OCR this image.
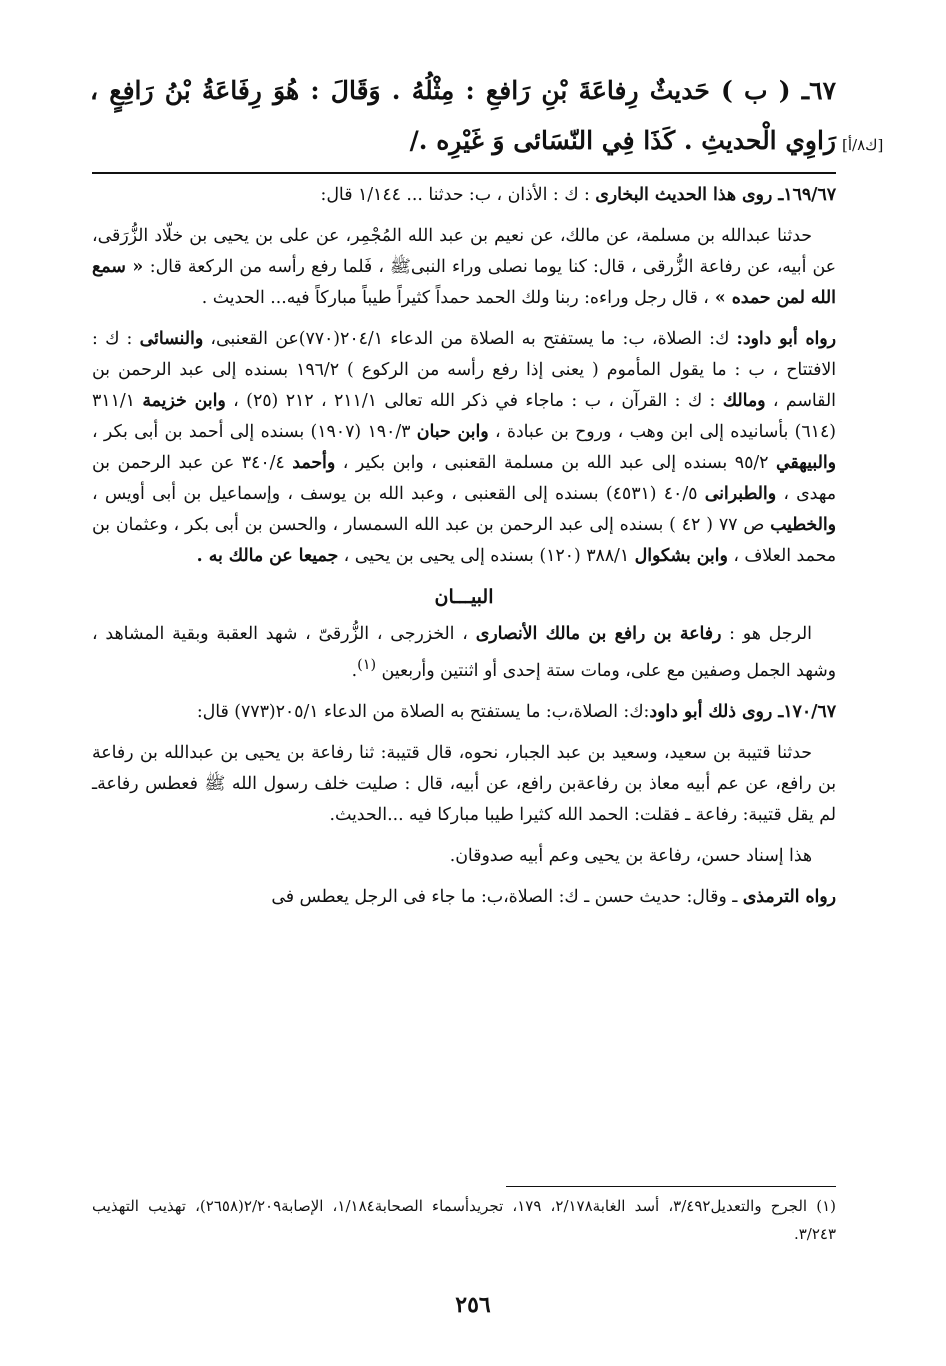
[ك٨/أ]
٦٧ـ ( ب ) حَديثٌ رِفاعَةَ بْنِ رَافعِ : مِثْلُهُ . وَقَالَ : هُوَ رِفَاعَةُ بْنُ رَافِعٍ ، رَاوِي الْحديثِ . كَذَا فِي النّسَائى وَ غَيْرِه ./

١٦٩/٦٧ـ روى هذا الحديث البخارى : ك : الأذان ، ب: حدثنا ... ١/١٤٤ قال:

حدثنا عبدالله بن مسلمة، عن مالك، عن نعيم بن عبد الله المُجْمِر، عن على بن يحيى بن خلّاد الزُّرَقى، عن أبيه، عن رفاعة الزُّرقى ، قال: كنا يوما نصلى وراء النبىﷺ ، فَلما رفع رأسه من الركعة قال: « سمع الله لمن حمده » ، قال رجل وراءه: ربنا ولك الحمد حمداً كثيراً طيباً مباركاً فيه... الحديث .

رواه أبو داود: ك: الصلاة، ب: ما يستفتح به الصلاة من الدعاء ٢٠٤/١(٧٧٠)عن القعنبى، والنسائى : ك : الافتتاح ، ب : ما يقول المأموم ( يعنى إذا رفع رأسه من الركوع ) ١٩٦/٢ بسنده إلى عبد الرحمن بن القاسم ، ومالك : ك : القرآن ، ب : ماجاء في ذكر الله تعالى ٢١١/١ ، ٢١٢ (٢٥) ، وابن خزيمة ٣١١/١ (٦١٤) بأسانيده إلى ابن وهب ، وروح بن عبادة ، وابن حبان ١٩٠/٣ (١٩٠٧) بسنده إلى أحمد بن أبى بكر ، والبيهقي ٩٥/٢ بسنده إلى عبد الله بن مسلمة القعنبى ، وابن بكير ، وأحمد ٣٤٠/٤ عن عبد الرحمن بن مهدى ، والطبرانى ٤٠/٥ (٤٥٣١) بسنده إلى القعنبى ، وعبد الله بن يوسف ، وإسماعيل بن أبى أويس ، والخطيب ص ٧٧ ( ٤٢ ) بسنده إلى عبد الرحمن بن عبد الله السمسار ، والحسن بن أبى بكر ، وعثمان بن محمد العلاف ، وابن بشكوال ٣٨٨/١ (١٢٠) بسنده إلى يحيى بن يحيى ، جميعا عن مالك به .

البيـــان

الرجل هو : رفاعة بن رافع بن مالك الأنصارى ، الخزرجى ، الزُّرقىّ ، شهد العقبة وبقية المشاهد ، وشهد الجمل وصفين مع على، ومات ستة إحدى أو اثنتين وأربعين $^{(١)}$.

١٧٠/٦٧ـ روى ذلك أبو داود:ك: الصلاة،ب: ما يستفتح به الصلاة من الدعاء ٢٠٥/١(٧٧٣) قال:

حدثنا قتيبة بن سعيد، وسعيد بن عبد الجبار، نحوه، قال قتيبة: ثنا رفاعة بن يحيى بن عبدالله بن رفاعة بن رافع، عن عم أبيه معاذ بن رفاعةبن رافع، عن أبيه، قال : صليت خلف رسول الله ﷺ فعطس رفاعةـ لم يقل قتيبة: رفاعة ـ فقلت: الحمد الله كثيرا طيبا مباركا فيه ...الحديث.

هذا إسناد حسن، رفاعة بن يحيى وعم أبيه صدوقان.

رواه الترمذى ـ وقال: حديث حسن ـ ك: الصلاة،ب: ما جاء فى الرجل يعطس فى

(١) الجرح والتعديل٣/٤٩٢، أسد الغابة٢/١٧٨، ١٧٩، تجريدأسماء الصحابة١/١٨٤، الإصابة٢/٢٠٩(٢٦٥٨)، تهذيب التهذيب ٣/٢٤٣.
٢٥٦
